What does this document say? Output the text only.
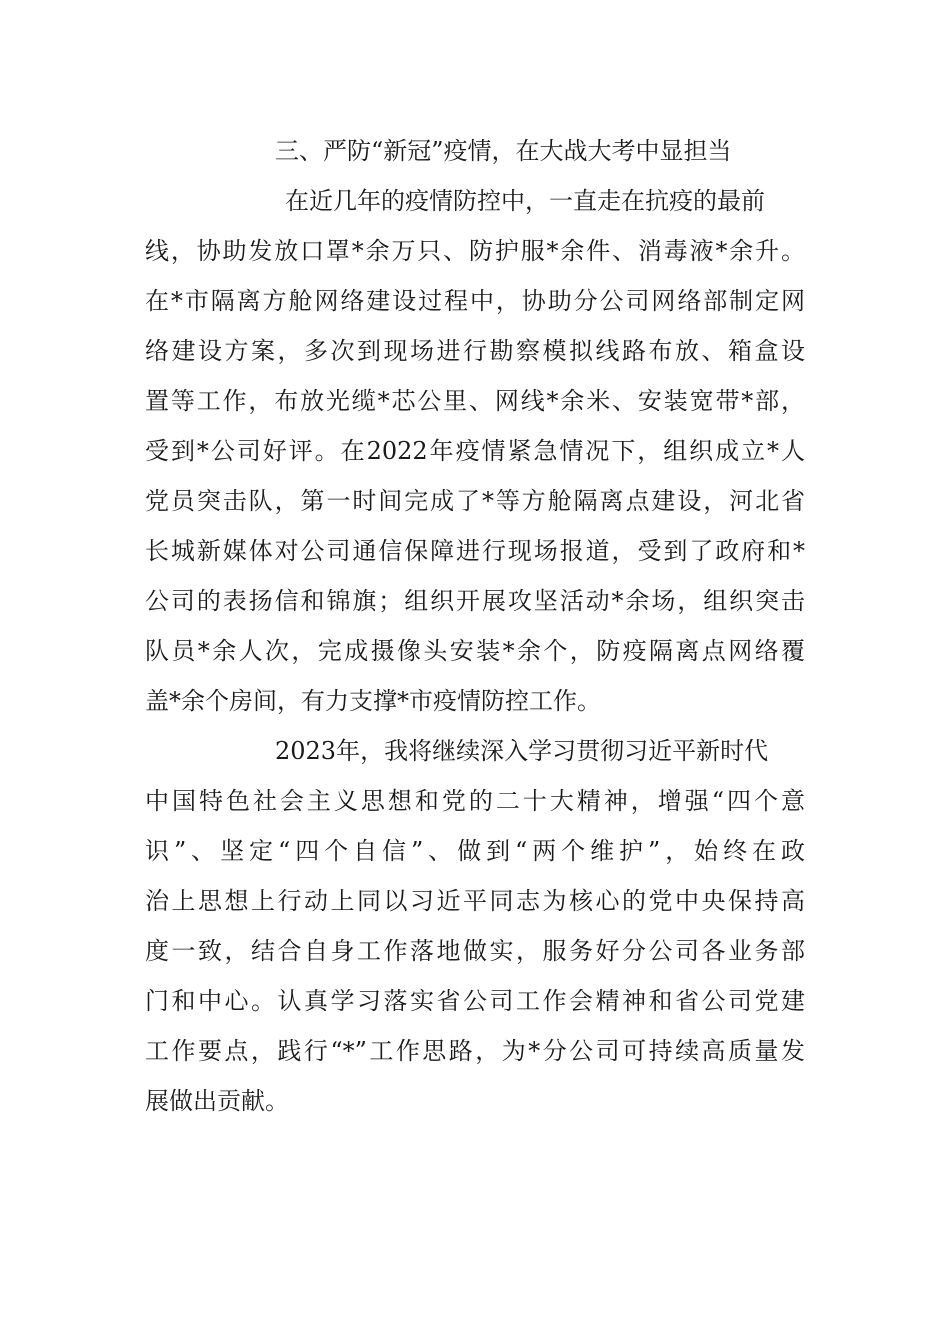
三、严防“新冠”疫情，在大战大考中显担当
在近几年的疫情防控中，一直走在抗疫的最前
线，协助发放口罩*余万只、防护服*余件、消毒液*余升。
在*市隔离方舱网络建设过程中，协助分公司网络部制定网
络建设方案，多次到现场进行勘察模拟线路布放、箱盒设
置等工作，布放光缆*芯公里、网线*余米、安装宽带*部，
受到*公司好评。在2022年疫情紧急情况下，组织成立*人
党员突击队，第一时间完成了*等方舱隔离点建设，河北省
长城新媒体对公司通信保障进行现场报道，受到了政府和*
公司的表扬信和锦旗；组织开展攻坚活动*余场，组织突击
队员*余人次，完成摄像头安装*余个，防疫隔离点网络覆
盖*余个房间，有力支撑*市疫情防控工作。
2023年，我将继续深入学习贯彻习近平新时代
中国特色社会主义思想和党的二十大精神，增强“四个意
识”、坚定“四个自信”、做到“两个维护”，始终在政
治上思想上行动上同以习近平同志为核心的党中央保持高
度一致，结合自身工作落地做实，服务好分公司各业务部
门和中心。认真学习落实省公司工作会精神和省公司党建
工作要点，践行“*”工作思路，为*分公司可持续高质量发
展做出贡献。
